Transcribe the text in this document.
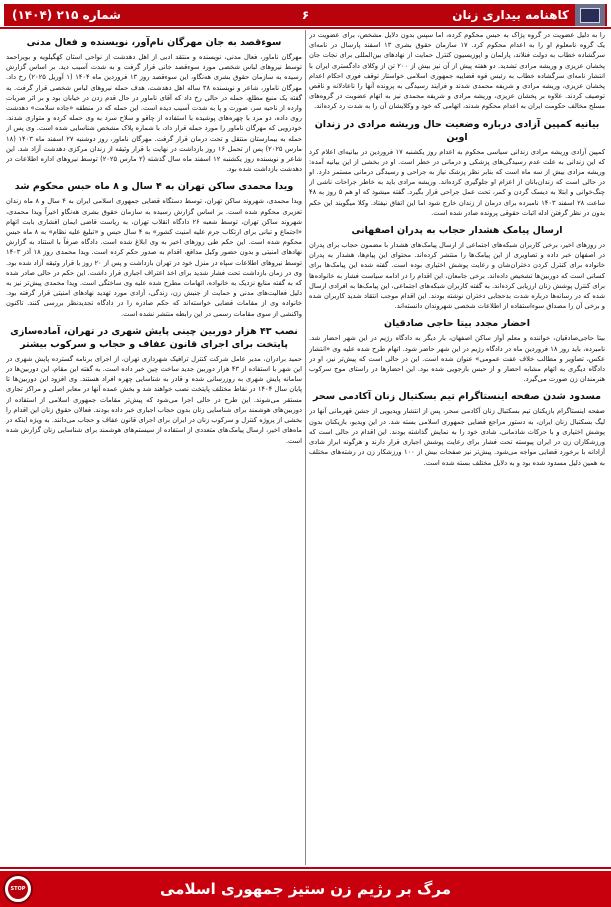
کاهنامه بیداری زنان
۶
شماره ۲۱۵ (۱۴۰۴)

را به دلیل عضویت در گروه پژاک به حبس محکوم کرده، اما سپس بدون دلایل مشخص، برای عضویت در یک گروه نامعلوم او را به اعدام محکوم کرد. ۱۷ سازمان حقوق بشری ۱۳ اسفند پارسال در نامه‌ای سرگشاده خطاب به دولت فنلاند، پارلمان و اپوزیسیون کنترل حمایت از نهادهای بین‌المللی برای نجات جان پخشان عزیزی و وریشه مرادی تشدید. دو هفته پیش از آن نیز بیش از ۲۰۰ تن از وکلای دادگستری ایران با انتشار نامه‌ای سرگشاده خطاب به رئیس قوه قضاییه جمهوری اسلامی خواستار توقف فوری احکام اعدام پخشان عزیزی، وریشه مرادی و شریفه محمدی شدند و فرایند رسیدگی به پرونده آنها را ناعادلانه و ناقص توصیف کردند. علاوه بر پخشان عزیزی، وریشه مرادی و شریفه محمدی نیز به اتهام عضویت در گروه‌های مسلح مخالف حکومت ایران به اعدام محکوم شدند، اتهامی که خود و وکلایشان آن را به شدت رد کرده‌اند.

بیانیه کمپین آزادی درباره وضعیت حال وریشه مرادی در زندان اوین

کمپین آزادی وریشه مرادی زندانی سیاسی محکوم به اعدام روز یکشنبه ۱۷ فروردین در بیانیه‌ای اعلام کرد که این زندانی به علت عدم رسیدگی‌های پزشکی و درمانی در خطر است. او در بخشی از این بیانیه آمده: وریشه مرادی بیش از سه ماه است که بنابر نظر پزشک نیاز به جراحی و رسیدگی درمانی مستمر دارد. او در حالی است که زندان‌بانان از اعزام او جلوگیری کرده‌اند. وریشه مرادی باید به خاطر جراحات ناشی از چنگ‌خوانی و ابتلا به دیسک گردن و کمر، تحت عمل جراحی قرار بگیرد. گفته میشود که او هم ۵ روز به ۴۸ ساعت ۲۸ اسفند ۱۴۰۳ نامبرده برای درمان از زندان خارج شود اما این اتفاق نیفتاد. وکلا میگویند این حکم بدون در نظر گرفتن ادله اثبات حقوقی پرونده صادر شده است.

ارسال پیامک هشدار حجاب به پدران اصفهانی

در روزهای اخیر، برخی کاربران شبکه‌های اجتماعی از ارسال پیامک‌های هشدار با مضمون حجاب برای پدران در اصفهان خبر داده و تصاویری از این پیامک‌ها را منتشر کرده‌اند. محتوای این پیام‌ها، هشدار به پدران خانواده برای کنترل کردن دختران‌شان و رعایت پوشش اختیاری بوده است. گفته شده این پیامک‌ها برای کسانی است که دوربین‌ها تشخیص داده‌اند. برخی جامعان، این اقدام را در ادامه سیاست فشار به خانواده‌ها برای کنترل پوشش زنان ارزیابی کرده‌اند. به گفته کاربران شبکه‌های اجتماعی، این پیامک‌ها به افرادی ارسال شده که در رسانه‌ها درباره شدت بدحجابی دختران نوشته بودند. این اقدام موجب انتقاد شدید کاربران شده و برخی آن را مصداق سوءاستفاده از اطلاعات شخصی شهروندان دانسته‌اند.

احضار مجدد بیتا حاجی صادقیان

بیتا حاجی‌صادقیان، خواننده و معلم آواز ساکن اصفهان، بار دیگر به دادگاه رژیم در این شهر احضار شد. نامبرده، باید روز ۱۸ فروردین ماه در دادگاه رژیم در این شهر حاضر شود. اتهام طرح شده علیه وی «انتشار عکس، تصاویر و مطالب خلاف عفت عمومی» عنوان شده است. این در حالی است که پیش‌تر نیز، او در دادگاه دیگری به اتهام مشابه احضار و از حبس بازجویی شده بود. این احضارها در راستای موج سرکوب هنرمندان زن صورت می‌گیرد.

مسدود شدن صفحه اینستاگرام تیم بسکتبال زنان آکادمی سحر

صفحه اینستاگرام بازیکنان تیم بسکتبال زنان آکادمی سحر، پس از انتشار ویدیویی از جشن قهرمانی آنها در لیگ بسکتبال زنان ایران، به دستور مراجع قضایی جمهوری اسلامی بسته شد. در این ویدیو، بازیکنان بدون پوشش اختیاری و با حرکات شادمانی، شادی خود را به نمایش گذاشته بودند. این اقدام در حالی است که ورزشکاران زن در ایران پیوسته تحت فشار برای رعایت پوشش اجباری قرار دارند و هرگونه ابراز شادی آزادانه با برخورد قضایی مواجه می‌شود. پیش‌تر نیز صفحات بیش از ۱۰۰ ورزشکار زن در رشته‌های مختلف به همین دلیل مسدود شده بود و به دلایل مختلف بسته شده است.

سوءقصد به جان مهرگان نام‌آور، نویسنده و فعال مدنی

مهرگان ناماور، فعال مدنی، نویسنده و منتقد ادبی از اهل دهدشت از نواحی استان کهگیلویه و بویراحمد توسط نیروهای لباس شخصی مورد سوءقصد جانی قرار گرفت و به شدت آسیب دید. بر اساس گزارش رسیده به سازمان حقوق بشری هه‌نگاو، این سوءقصد روز ۱۳ فروردین ماه ۱۴۰۴ (۱ آوریل ۲۰۲۵) رخ داد. مهرگان ناماور، شاعر و نویسنده ۳۸ ساله اهل دهدشت، هدف حمله نیروهای لباس شخصی قرار گرفت. به گفته یک منبع مطلع، حمله در حالی رخ داد که آقای ناماور در حال قدم زدن در خیابان بود و بر اثر ضربات وارده از ناحیه سر، صورت و پا به شدت آسیب دیده است. این حمله که در منطقه «جاده سلامت» دهدشت روی داده، دو مرد با چهره‌های پوشیده با استفاده از چاقو و سلاح سرد به وی حمله کرده و متواری شدند. خودرویی که مهرگان ناماور را مورد حمله قرار داد، با شماره پلاک مشخص شناسایی شده است. وی پس از حمله به بیمارستان منتقل و تحت درمان قرار گرفت. مهرگان ناماور، روز دوشنبه ۲۷ اسفند ماه ۱۴۰۳ (۱۸ مارس ۲۰۲۵) پس از تحمل ۱۶ روز بازداشت در نهایت با قرار وثیقه از زندان مرکزی دهدشت آزاد شد. این شاعر و نویسنده روز یکشنبه ۱۲ اسفند ماه سال گذشته (۲ مارس ۲۰۲۵) توسط نیروهای اداره اطلاعات در دهدشت بازداشت شده بود.

ویدا محمدی ساکن تهران به ۴ سال و ۸ ماه حبس محکوم شد

ویدا محمدی، شهروند ساکن تهران، توسط دستگاه قضایی جمهوری اسلامی ایران به ۴ سال و ۸ ماه زندان تعزیری محکوم شده است. بر اساس گزارش رسیده به سازمان حقوق بشری هه‌نگاو اخیراً ویدا محمدی، شهروند ساکن تهران، توسط شعبه ۲۶ دادگاه انقلاب تهران، به ریاست قاضی ایمان افشاری بابت اتهام «اجتماع و تبانی برای ارتکاب جرم علیه امنیت کشور» به ۴ سال حبس و «تبلیغ علیه نظام» به ۸ ماه حبس محکوم شده است. این حکم طی روزهای اخیر به وی ابلاغ شده است. دادگاه صرفاً با استناد به گزارش نهادهای امنیتی و بدون حضور وکیل مدافع، اقدام به صدور حکم کرده است. ویدا محمدی روز ۱۸ آذر ۱۴۰۳ توسط نیروهای اطلاعات سپاه در منزل خود در تهران بازداشت و پس از ۲۰ روز با قرار وثیقه آزاد شده بود. وی در زمان بازداشت تحت فشار شدید برای اخذ اعتراف اجباری قرار داشت. این حکم در حالی صادر شده که به گفته منابع نزدیک به خانواده، اتهامات مطرح شده علیه وی ساختگی است. ویدا محمدی پیش‌تر نیز به دلیل فعالیت‌های مدنی و حمایت از جنبش زن، زندگی، آزادی مورد تهدید نهادهای امنیتی قرار گرفته بود. خانواده وی از مقامات قضایی خواسته‌اند که حکم صادره را در دادگاه تجدیدنظر بررسی کنند. تاکنون واکنشی از سوی مقامات رسمی در این رابطه منتشر نشده است.

نصب ۴۳ هزار دوربین چینی پایش شهری در تهران، آماده‌سازی پایتخت برای اجرای قانون عفاف و حجاب و سرکوب بیشتر

حمید برادران، مدیر عامل شرکت کنترل ترافیک شهرداری تهران، از اجرای برنامه گسترده پایش شهری در این شهر با استفاده از ۴۳ هزار دوربین جدید ساخت چین خبر داده است. به گفته این مقام، این دوربین‌ها در سامانه پایش شهری به روزرسانی شده و قادر به شناسایی چهره افراد هستند. وی افزود این دوربین‌ها تا پایان سال ۱۴۰۴ در نقاط مختلف پایتخت نصب خواهند شد و بخش عمده آنها در معابر اصلی و مراکز تجاری مستقر می‌شوند. این طرح در حالی اجرا می‌شود که پیش‌تر مقامات جمهوری اسلامی از استفاده از دوربین‌های هوشمند برای شناسایی زنان بدون حجاب اجباری خبر داده بودند. فعالان حقوق زنان این اقدام را بخشی از پروژه کنترل و سرکوب زنان در ایران برای اجرای قانون عفاف و حجاب می‌دانند. به ویژه اینکه در ماه‌های اخیر، ارسال پیامک‌های متعددی از استفاده از سیستم‌های هوشمند برای شناسایی زنان گزارش شده است.

STOP	مرگ بر رژیم زن ستیز جمهوری اسلامی
